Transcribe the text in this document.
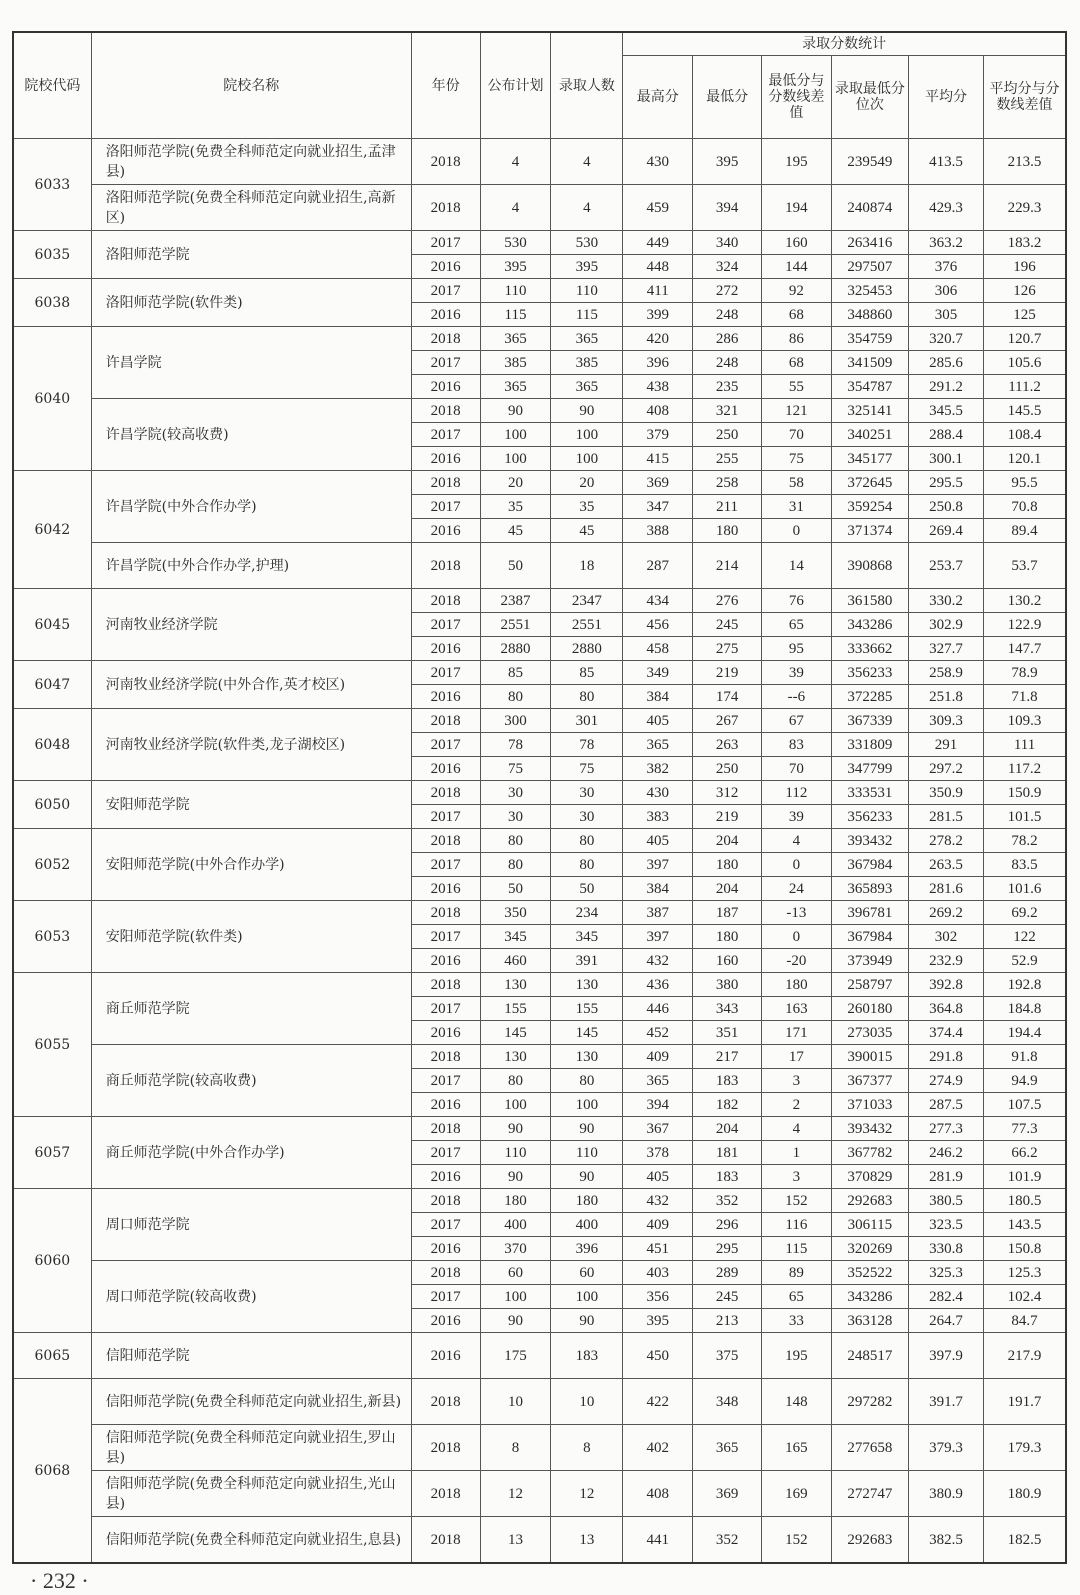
院校代码	院校名称	年份	公布计划	录取人数	录取分数统计					
					最高分	最低分	最低分与分数线差值	录取最低分位次	平均分	平均分与分数线差值
6033	洛阳师范学院(免费全科师范定向就业招生,孟津县)	2018	4	4	430	395	195	239549	413.5	213.5
	洛阳师范学院(免费全科师范定向就业招生,高新区)	2018	4	4	459	394	194	240874	429.3	229.3
6035	洛阳师范学院	2017	530	530	449	340	160	263416	363.2	183.2
		2016	395	395	448	324	144	297507	376	196
6038	洛阳师范学院(软件类)	2017	110	110	411	272	92	325453	306	126
		2016	115	115	399	248	68	348860	305	125
6040	许昌学院	2018	365	365	420	286	86	354759	320.7	120.7
		2017	385	385	396	248	68	341509	285.6	105.6
		2016	365	365	438	235	55	354787	291.2	111.2
	许昌学院(较高收费)	2018	90	90	408	321	121	325141	345.5	145.5
		2017	100	100	379	250	70	340251	288.4	108.4
		2016	100	100	415	255	75	345177	300.1	120.1
6042	许昌学院(中外合作办学)	2018	20	20	369	258	58	372645	295.5	95.5
		2017	35	35	347	211	31	359254	250.8	70.8
		2016	45	45	388	180	0	371374	269.4	89.4
	许昌学院(中外合作办学,护理)	2018	50	18	287	214	14	390868	253.7	53.7
6045	河南牧业经济学院	2018	2387	2347	434	276	76	361580	330.2	130.2
		2017	2551	2551	456	245	65	343286	302.9	122.9
		2016	2880	2880	458	275	95	333662	327.7	147.7
6047	河南牧业经济学院(中外合作,英才校区)	2017	85	85	349	219	39	356233	258.9	78.9
		2016	80	80	384	174	--6	372285	251.8	71.8
6048	河南牧业经济学院(软件类,龙子湖校区)	2018	300	301	405	267	67	367339	309.3	109.3
		2017	78	78	365	263	83	331809	291	111
		2016	75	75	382	250	70	347799	297.2	117.2
6050	安阳师范学院	2018	30	30	430	312	112	333531	350.9	150.9
		2017	30	30	383	219	39	356233	281.5	101.5
6052	安阳师范学院(中外合作办学)	2018	80	80	405	204	4	393432	278.2	78.2
		2017	80	80	397	180	0	367984	263.5	83.5
		2016	50	50	384	204	24	365893	281.6	101.6
6053	安阳师范学院(软件类)	2018	350	234	387	187	-13	396781	269.2	69.2
		2017	345	345	397	180	0	367984	302	122
		2016	460	391	432	160	-20	373949	232.9	52.9
6055	商丘师范学院	2018	130	130	436	380	180	258797	392.8	192.8
		2017	155	155	446	343	163	260180	364.8	184.8
		2016	145	145	452	351	171	273035	374.4	194.4
	商丘师范学院(较高收费)	2018	130	130	409	217	17	390015	291.8	91.8
		2017	80	80	365	183	3	367377	274.9	94.9
		2016	100	100	394	182	2	371033	287.5	107.5
6057	商丘师范学院(中外合作办学)	2018	90	90	367	204	4	393432	277.3	77.3
		2017	110	110	378	181	1	367782	246.2	66.2
		2016	90	90	405	183	3	370829	281.9	101.9
6060	周口师范学院	2018	180	180	432	352	152	292683	380.5	180.5
		2017	400	400	409	296	116	306115	323.5	143.5
		2016	370	396	451	295	115	320269	330.8	150.8
	周口师范学院(较高收费)	2018	60	60	403	289	89	352522	325.3	125.3
		2017	100	100	356	245	65	343286	282.4	102.4
		2016	90	90	395	213	33	363128	264.7	84.7
6065	信阳师范学院	2016	175	183	450	375	195	248517	397.9	217.9
6068	信阳师范学院(免费全科师范定向就业招生,新县)	2018	10	10	422	348	148	297282	391.7	191.7
	信阳师范学院(免费全科师范定向就业招生,罗山县)	2018	8	8	402	365	165	277658	379.3	179.3
	信阳师范学院(免费全科师范定向就业招生,光山县)	2018	12	12	408	369	169	272747	380.9	180.9
	信阳师范学院(免费全科师范定向就业招生,息县)	2018	13	13	441	352	152	292683	382.5	182.5
· 232 ·
